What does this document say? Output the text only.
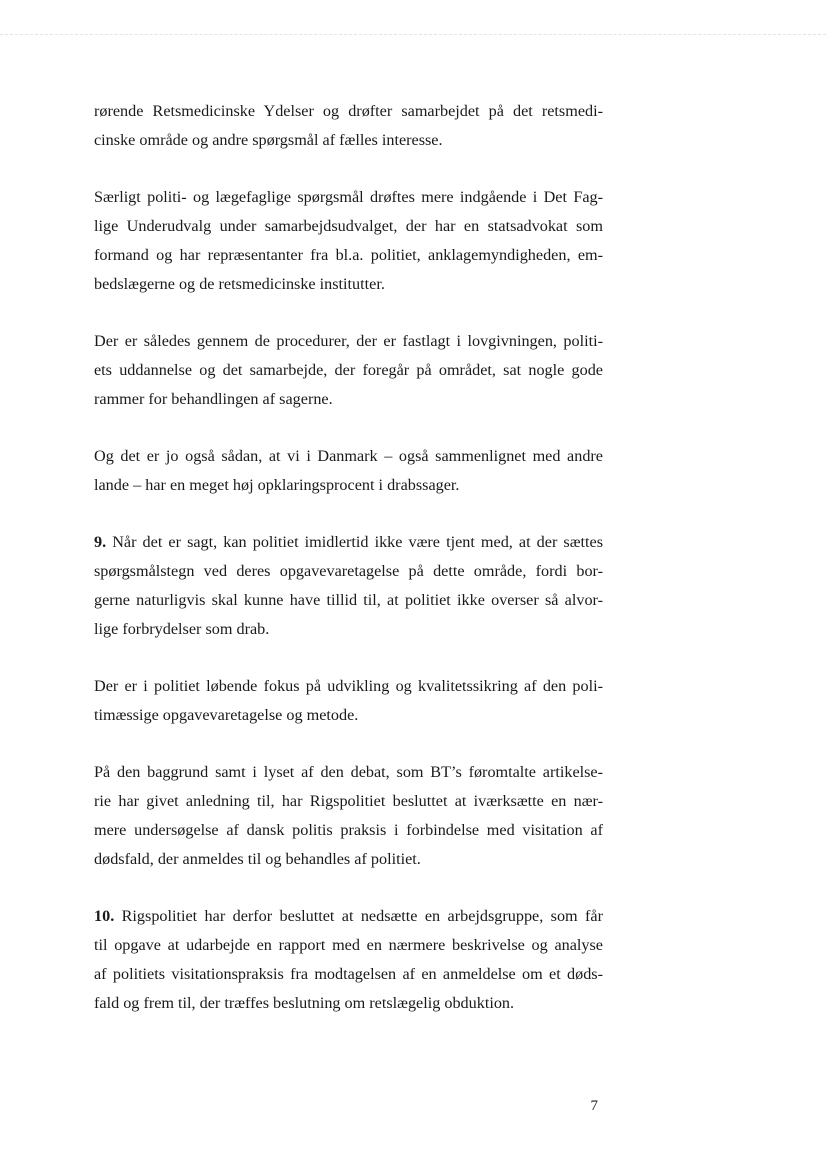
rørende Retsmedicinske Ydelser og drøfter samarbejdet på det retsmedi-
cinske område og andre spørgsmål af fælles interesse.
Særligt politi- og lægefaglige spørgsmål drøftes mere indgående i Det Fag-
lige Underudvalg under samarbejdsudvalget, der har en statsadvokat som
formand og har repræsentanter fra bl.a. politiet, anklagemyndigheden, em-
bedslægerne og de retsmedicinske institutter.
Der er således gennem de procedurer, der er fastlagt i lovgivningen, politi-
ets uddannelse og det samarbejde, der foregår på området, sat nogle gode
rammer for behandlingen af sagerne.
Og det er jo også sådan, at vi i Danmark – også sammenlignet med andre
lande – har en meget høj opklaringsprocent i drabssager.
9. Når det er sagt, kan politiet imidlertid ikke være tjent med, at der sættes
spørgsmålstegn ved deres opgavevaretagelse på dette område, fordi bor-
gerne naturligvis skal kunne have tillid til, at politiet ikke overser så alvor-
lige forbrydelser som drab.
Der er i politiet løbende fokus på udvikling og kvalitetssikring af den poli-
timæssige opgavevaretagelse og metode.
På den baggrund samt i lyset af den debat, som BT’s føromtalte artikelse-
rie har givet anledning til, har Rigspolitiet besluttet at iværksætte en nær-
mere undersøgelse af dansk politis praksis i forbindelse med visitation af
dødsfald, der anmeldes til og behandles af politiet.
10. Rigspolitiet har derfor besluttet at nedsætte en arbejdsgruppe, som får
til opgave at udarbejde en rapport med en nærmere beskrivelse og analyse
af politiets visitationspraksis fra modtagelsen af en anmeldelse om et døds-
fald og frem til, der træffes beslutning om retslægelig obduktion.
7
